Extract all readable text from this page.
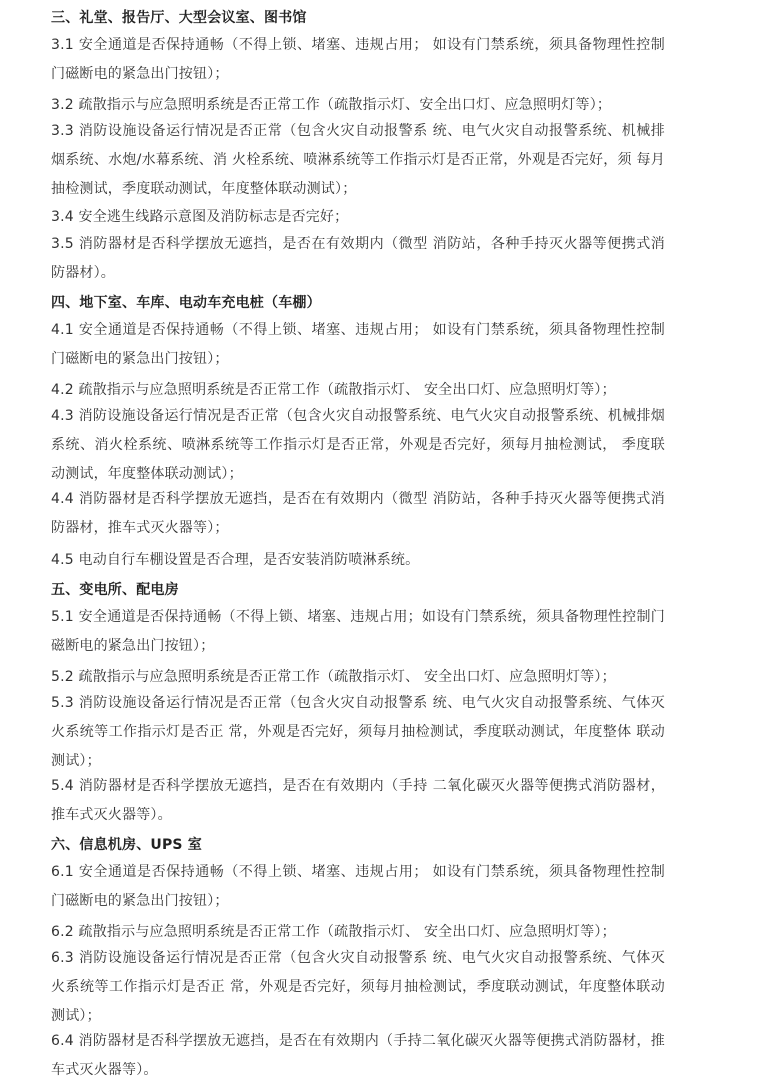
三、礼堂、报告厅、大型会议室、图书馆

3.1 安全通道是否保持通畅（不得上锁、堵塞、违规占用； 如设有门禁系统，须具备物理性控制门磁断电的紧急出门按钮）；

3.2 疏散指示与应急照明系统是否正常工作（疏散指示灯、安全出口灯、应急照明灯等）；

3.3 消防设施设备运行情况是否正常（包含火灾自动报警系 统、电气火灾自动报警系统、机械排烟系统、水炮/水幕系统、消 火栓系统、喷淋系统等工作指示灯是否正常，外观是否完好，须 每月抽检测试，季度联动测试，年度整体联动测试）；

3.4 安全逃生线路示意图及消防标志是否完好；

3.5 消防器材是否科学摆放无遮挡，是否在有效期内（微型 消防站，各种手持灭火器等便携式消防器材）。

四、地下室、车库、电动车充电桩（车棚）

4.1 安全通道是否保持通畅（不得上锁、堵塞、违规占用； 如设有门禁系统，须具备物理性控制门磁断电的紧急出门按钮）；

4.2 疏散指示与应急照明系统是否正常工作（疏散指示灯、 安全出口灯、应急照明灯等）；

4.3 消防设施设备运行情况是否正常（包含火灾自动报警系统、电气火灾自动报警系统、机械排烟系统、消火栓系统、喷淋系统等工作指示灯是否正常，外观是否完好，须每月抽检测试， 季度联动测试，年度整体联动测试）；

4.4 消防器材是否科学摆放无遮挡，是否在有效期内（微型 消防站，各种手持灭火器等便携式消防器材，推车式灭火器等）；

4.5 电动自行车棚设置是否合理，是否安装消防喷淋系统。

五、变电所、配电房

5.1 安全通道是否保持通畅（不得上锁、堵塞、违规占用；如设有门禁系统，须具备物理性控制门磁断电的紧急出门按钮）；

5.2 疏散指示与应急照明系统是否正常工作（疏散指示灯、 安全出口灯、应急照明灯等）；

5.3 消防设施设备运行情况是否正常（包含火灾自动报警系 统、电气火灾自动报警系统、气体灭火系统等工作指示灯是否正 常，外观是否完好，须每月抽检测试，季度联动测试，年度整体 联动测试）；

5.4 消防器材是否科学摆放无遮挡，是否在有效期内（手持 二氧化碳灭火器等便携式消防器材，推车式灭火器等）。

六、信息机房、UPS 室

6.1 安全通道是否保持通畅（不得上锁、堵塞、违规占用； 如设有门禁系统，须具备物理性控制门磁断电的紧急出门按钮）；

6.2 疏散指示与应急照明系统是否正常工作（疏散指示灯、 安全出口灯、应急照明灯等）；

6.3 消防设施设备运行情况是否正常（包含火灾自动报警系 统、电气火灾自动报警系统、气体灭火系统等工作指示灯是否正 常，外观是否完好，须每月抽检测试，季度联动测试，年度整体联动测试）；

6.4 消防器材是否科学摆放无遮挡，是否在有效期内（手持二氧化碳灭火器等便携式消防器材，推车式灭火器等）。
